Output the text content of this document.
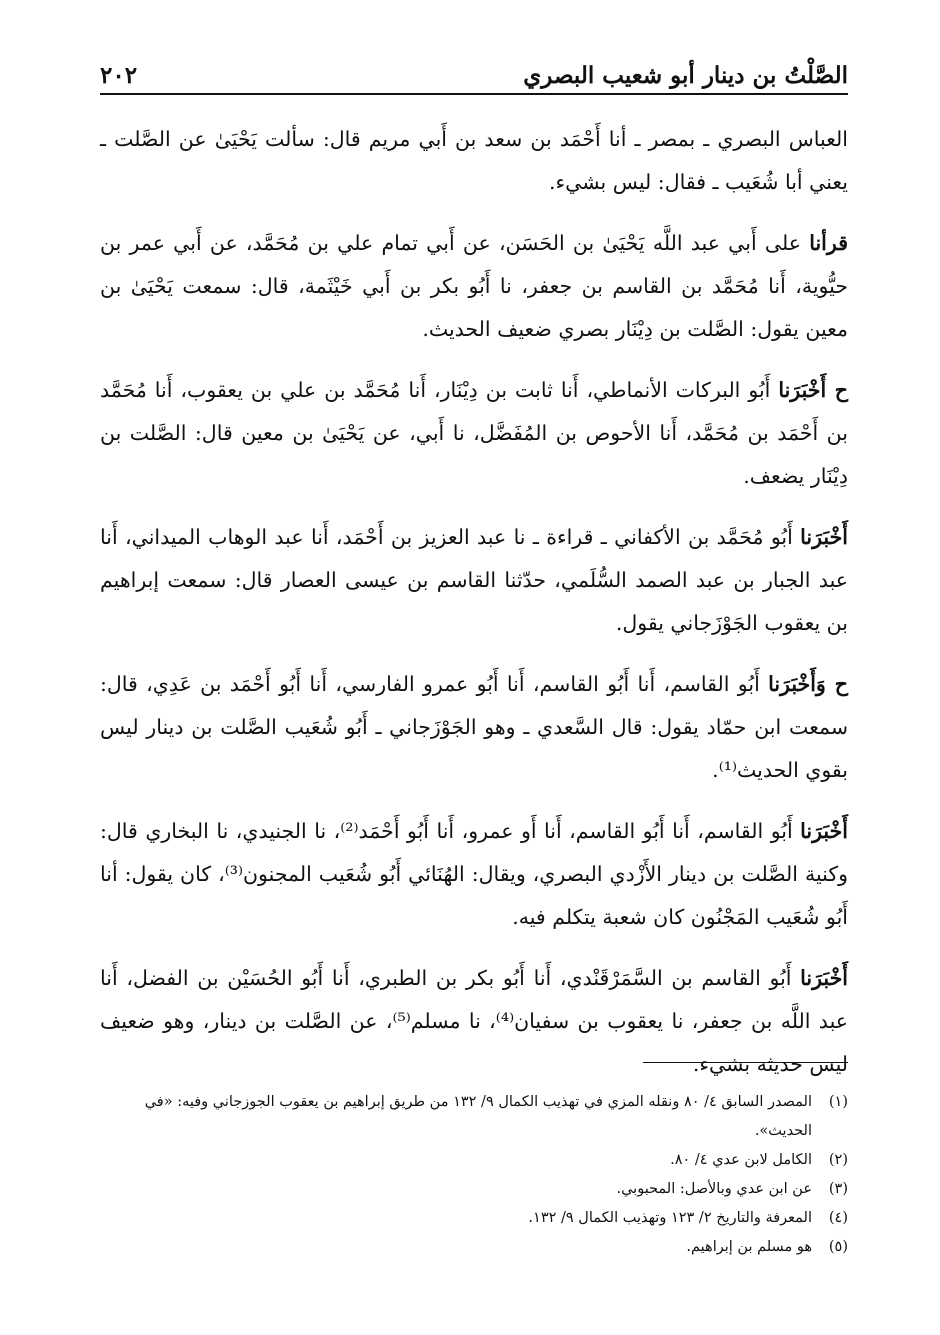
الصَّلْتُ بن دينار أبو شعيب البصري
٢٠٢

العباس البصري ـ بمصر ـ أنا أَحْمَد بن سعد بن أَبي مريم قال: سألت يَحْيَىٰ عن الصَّلت ـ يعني أبا شُعَيب ـ فقال: ليس بشيء.

قرأنا على أَبي عبد اللَّه يَحْيَىٰ بن الحَسَن، عن أَبي تمام علي بن مُحَمَّد، عن أَبي عمر بن حيُّوية، أَنا مُحَمَّد بن القاسم بن جعفر، نا أَبُو بكر بن أَبي خَيْثَمة، قال: سمعت يَحْيَىٰ بن معين يقول: الصَّلت بن دِيْنَار بصري ضعيف الحديث.

ح أَخْبَرَنا أَبُو البركات الأنماطي، أَنا ثابت بن دِيْنَار، أَنا مُحَمَّد بن علي بن يعقوب، أَنا مُحَمَّد بن أَحْمَد بن مُحَمَّد، أَنا الأحوص بن المُفَضَّل، نا أَبي، عن يَحْيَىٰ بن معين قال: الصَّلت بن دِيْنَار يضعف.

أَخْبَرَنا أَبُو مُحَمَّد بن الأكفاني ـ قراءة ـ نا عبد العزيز بن أَحْمَد، أَنا عبد الوهاب الميداني، أَنا عبد الجبار بن عبد الصمد السُّلَمي، حدّثنا القاسم بن عيسى العصار قال: سمعت إبراهيم بن يعقوب الجَوْزَجاني يقول.

ح وَأَخْبَرَنا أَبُو القاسم، أَنا أَبُو القاسم، أَنا أَبُو عمرو الفارسي، أَنا أَبُو أَحْمَد بن عَدِي، قال: سمعت ابن حمّاد يقول: قال السَّعدي ـ وهو الجَوْزَجاني ـ أَبُو شُعَيب الصَّلت بن دينار ليس بقوي الحديث⁽¹⁾.

أَخْبَرَنا أَبُو القاسم، أَنا أَبُو القاسم، أَنا أَو عمرو، أَنا أَبُو أَحْمَد⁽²⁾، نا الجنيدي، نا البخاري قال: وكنية الصَّلت بن دينار الأَزْدي البصري، ويقال: الهُنَائي أَبُو شُعَيب المجنون⁽³⁾، كان يقول: أنا أَبُو شُعَيب المَجْنُون كان شعبة يتكلم فيه.

أَخْبَرَنا أَبُو القاسم بن السَّمَرْقَنْدي، أَنا أَبُو بكر بن الطبري، أَنا أَبُو الحُسَيْن بن الفضل، أَنا عبد اللَّه بن جعفر، نا يعقوب بن سفيان⁽⁴⁾، نا مسلم⁽⁵⁾، عن الصَّلت بن دينار، وهو ضعيف ليس حديثه بشيء.

(١)
المصدر السابق ٤/ ٨٠ ونقله المزي في تهذيب الكمال ٩/ ١٣٢ من طريق إبراهيم بن يعقوب الجوزجاني وفيه: «في الحديث».
(٢)
الكامل لابن عدي ٤/ ٨٠.
(٣)
عن ابن عدي وبالأصل: المحبوبي.
(٤)
المعرفة والتاريخ ٢/ ١٢٣ وتهذيب الكمال ٩/ ١٣٢.
(٥)
هو مسلم بن إبراهيم.
